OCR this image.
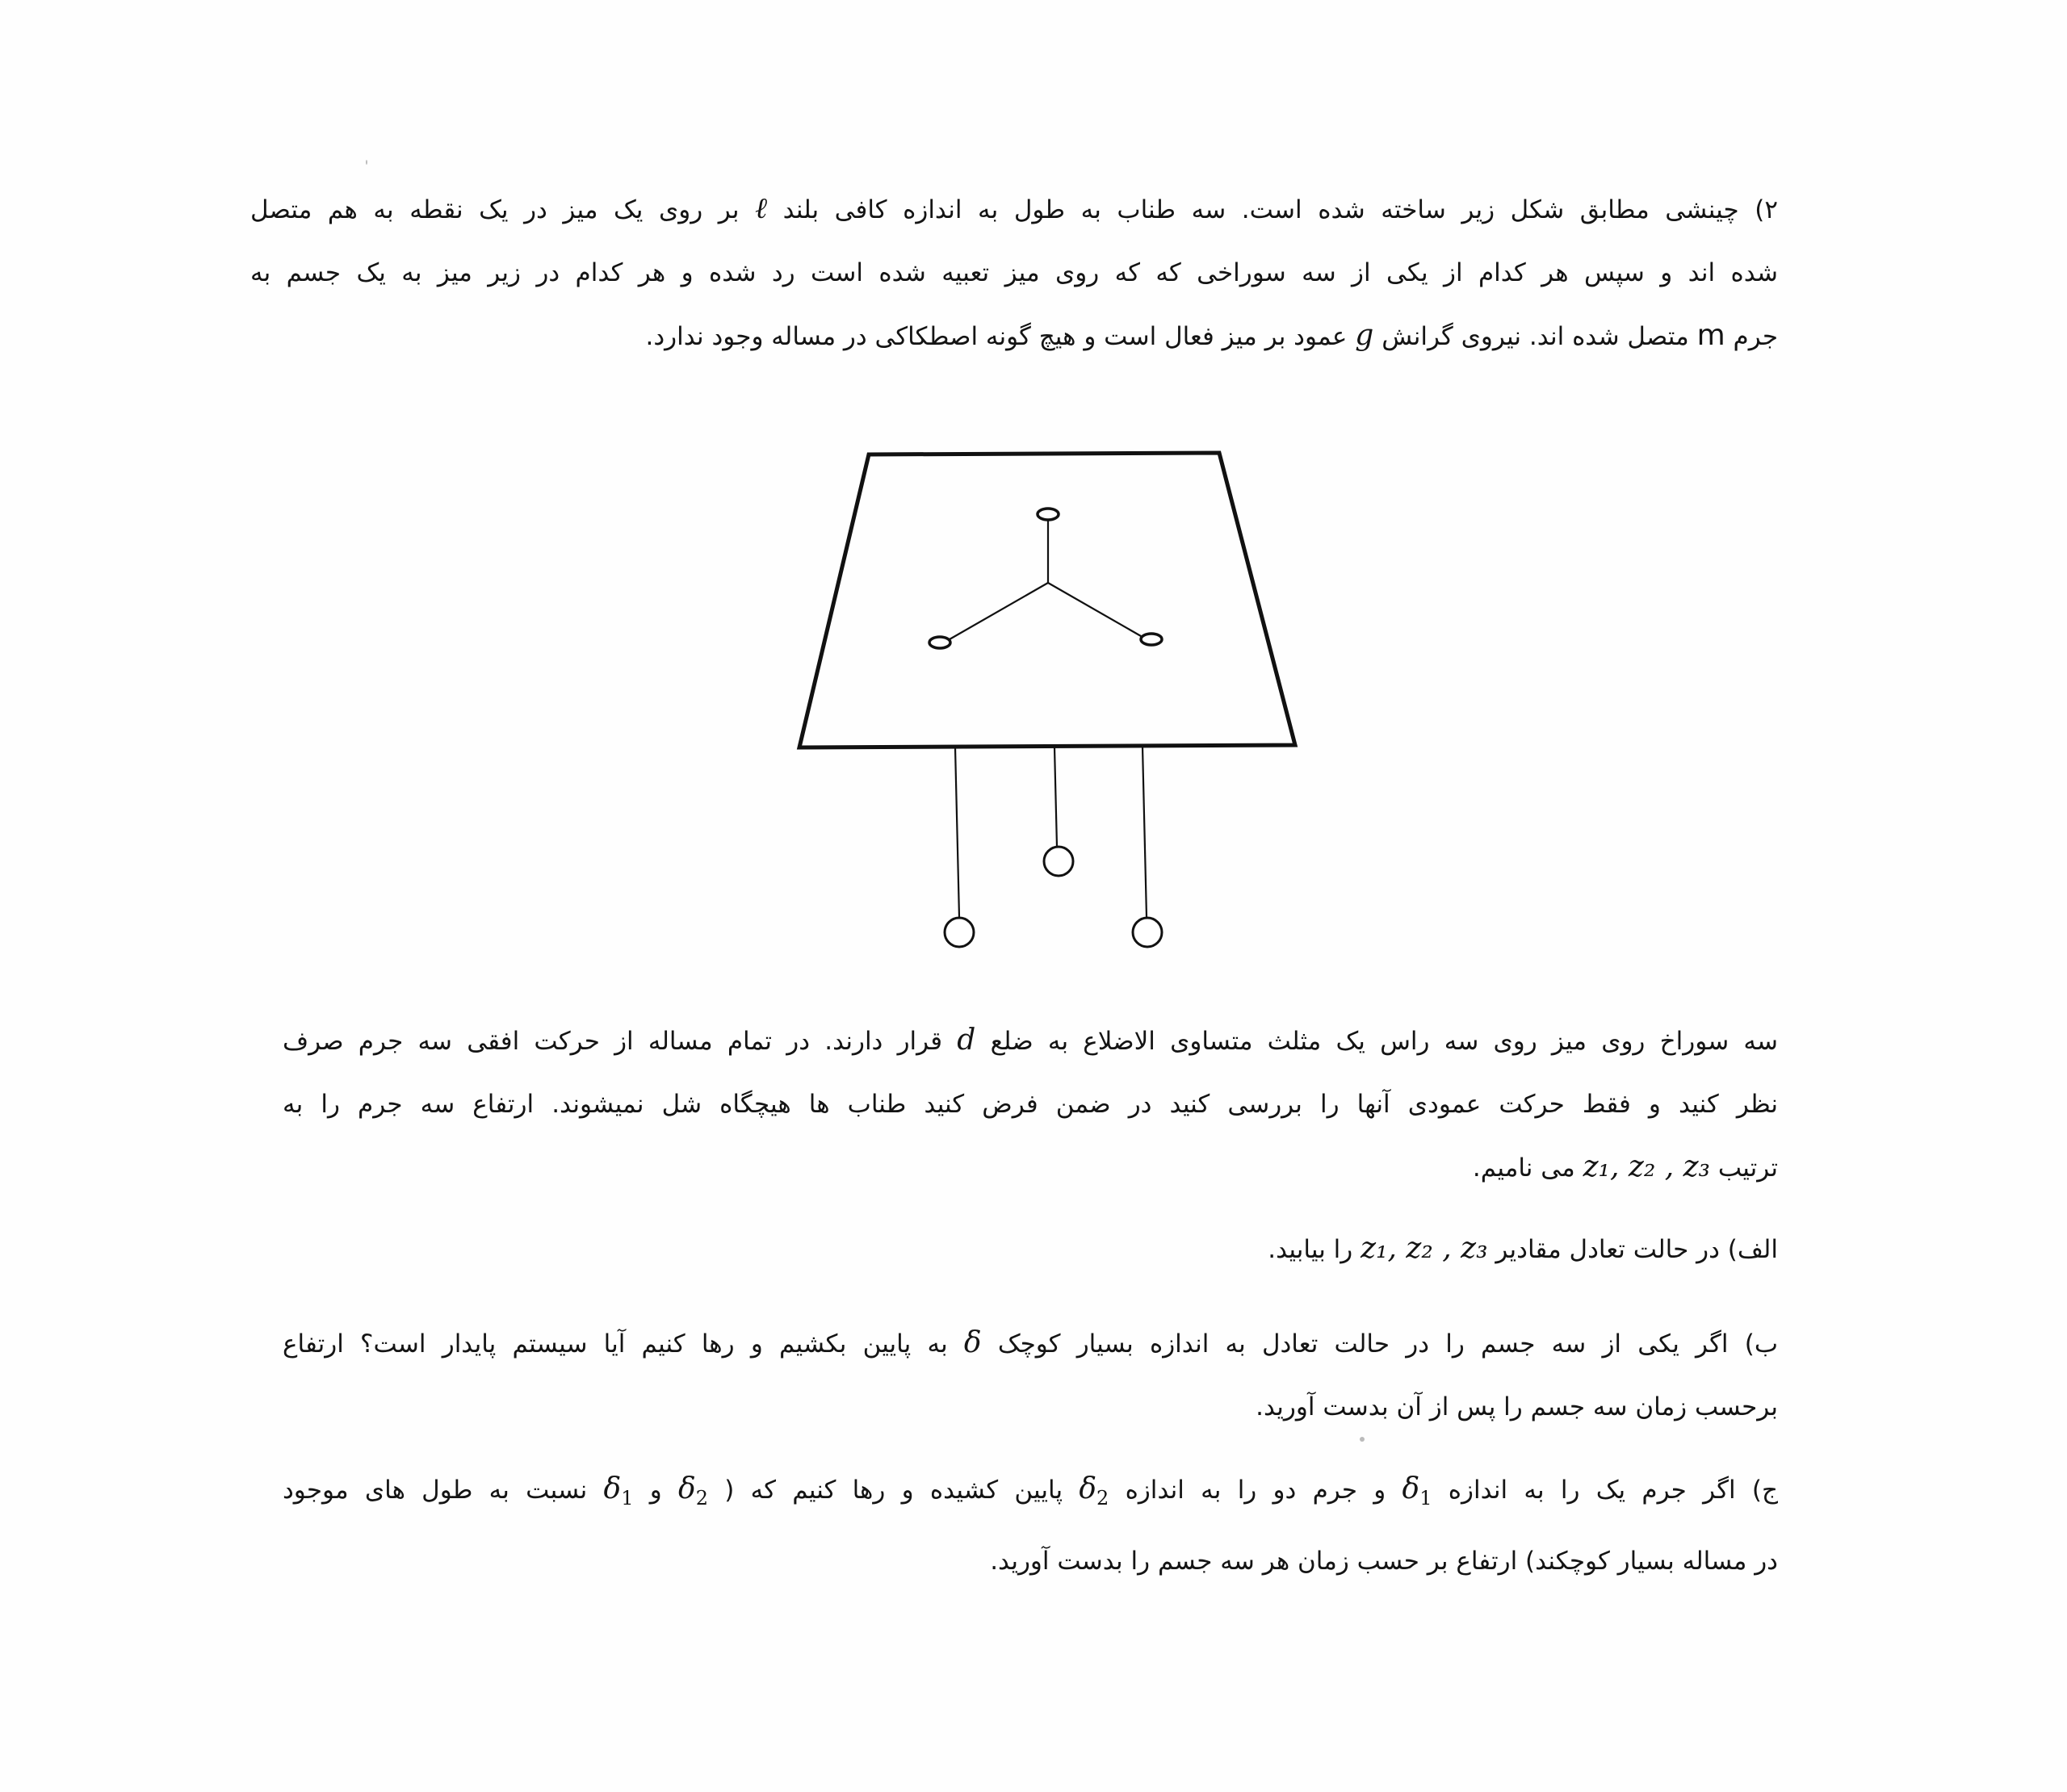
۲) چینشی مطابق شکل زیر ساخته شده است. سه طناب به طول به اندازه کافی بلند ℓ بر روی یک میز در یک نقطه به هم متصل
شده اند و سپس هر کدام از یکی از سه سوراخی که که روی میز تعبیه شده است رد شده و هر کدام در زیر میز به یک جسم به
جرم m متصل شده اند. نیروی گرانش g عمود بر میز فعال است و هیچ گونه اصطکاکی در مساله وجود ندارد.
سه سوراخ روی میز روی سه راس یک مثلث متساوی الاضلاع به ضلع d قرار دارند. در تمام مساله از حرکت افقی سه جرم صرف
نظر کنید و فقط حرکت عمودی آنها را بررسی کنید در ضمن فرض کنید طناب ها هیچگاه شل نمیشوند. ارتفاع سه جرم را به
ترتیب z₁, z₂ , z₃ می نامیم.
الف) در حالت تعادل مقادیر z₁, z₂ , z₃ را بیابید.
ب) اگر یکی از سه جسم را در حالت تعادل به اندازه بسیار کوچک δ به پایین بکشیم و رها کنیم آیا سیستم پایدار است؟ ارتفاع
برحسب زمان سه جسم را پس از آن بدست آورید.
ج) اگر جرم یک را به اندازه $\delta_1$ و جرم دو را به اندازه $\delta_2$ پایین کشیده و رها کنیم که ( $\delta_2$ و $\delta_1$ نسبت به طول های موجود
در مساله بسیار کوچکند) ارتفاع بر حسب زمان هر سه جسم را بدست آورید.
